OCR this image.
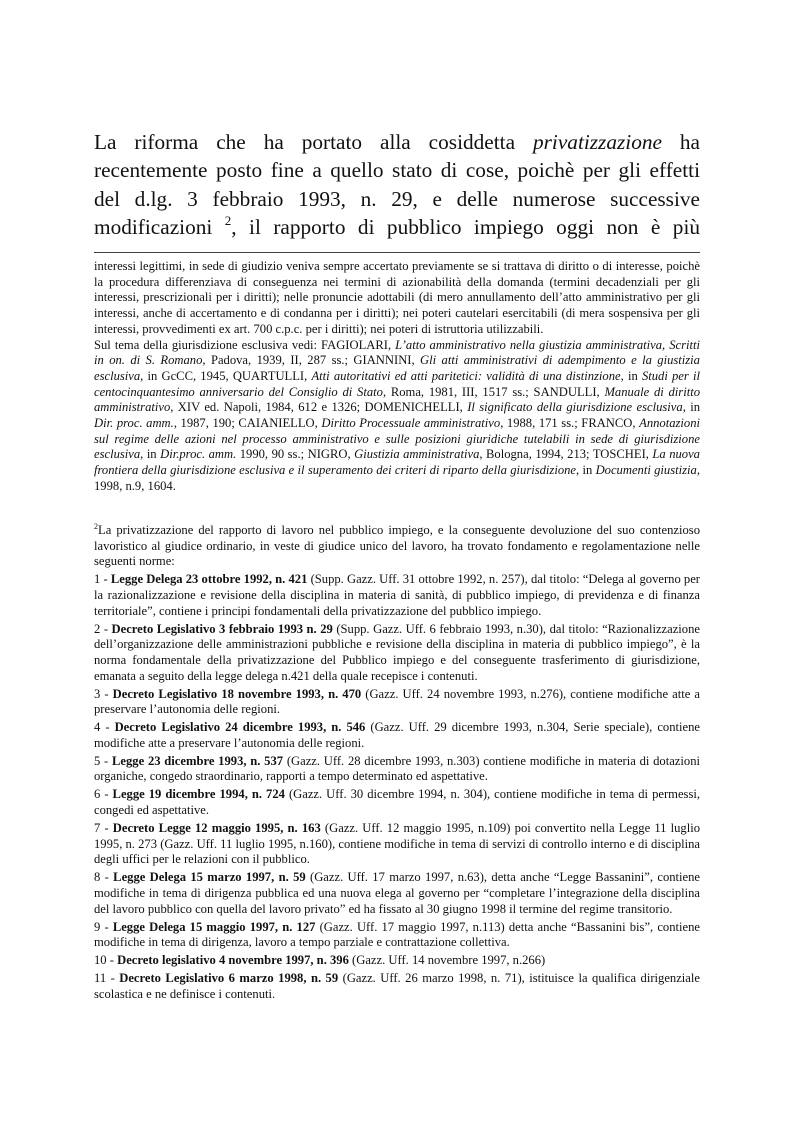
La riforma che ha portato alla cosiddetta privatizzazione ha
recentemente posto fine a quello stato di cose, poichè per gli effetti
del d.lg. 3 febbraio 1993, n. 29, e delle numerose successive
modificazioni $^2$, il rapporto di pubblico impiego oggi non è più

interessi legittimi, in sede di giudizio veniva sempre accertato previamente se si trattava di diritto o di interesse, poichè la procedura differenziava di conseguenza nei termini di azionabilità della domanda (termini decadenziali per gli interessi, prescrizionali per i diritti); nelle pronuncie adottabili (di mero annullamento dell’atto amministrativo per gli interessi, anche di accertamento e di condanna per i diritti); nei poteri cautelari esercitabili (di mera sospensiva per gli interessi, provvedimenti ex art. 700 c.p.c. per i diritti); nei poteri di istruttoria utilizzabili.

Sul tema della giurisdizione esclusiva vedi: FAGIOLARI, L’atto amministrativo nella giustizia amministrativa, Scritti in on. di S. Romano, Padova, 1939, II, 287 ss.; GIANNINI, Gli atti amministrativi di adempimento e la giustizia esclusiva, in GcCC, 1945, QUARTULLI, Atti autoritativi ed atti paritetici: validità di una distinzione, in Studi per il centocinquantesimo anniversario del Consiglio di Stato, Roma, 1981, III, 1517 ss.; SANDULLI, Manuale di diritto amministrativo, XIV ed. Napoli, 1984, 612 e 1326; DOMENICHELLI, Il significato della giurisdizione esclusiva, in Dir. proc. amm., 1987, 190; CAIANIELLO, Diritto Processuale amministrativo, 1988, 171 ss.; FRANCO, Annotazioni sul regime delle azioni nel processo amministrativo e sulle posizioni giuridiche tutelabili in sede di giurisdizione esclusiva, in Dir.proc. amm. 1990, 90 ss.; NIGRO, Giustizia amministrativa, Bologna, 1994, 213; TOSCHEI, La nuova frontiera della giurisdizione esclusiva e il superamento dei criteri di riparto della giurisdizione, in Documenti giustizia, 1998, n.9, 1604.

$^2$La privatizzazione del rapporto di lavoro nel pubblico impiego, e la conseguente devoluzione del suo contenzioso lavoristico al giudice ordinario, in veste di giudice unico del lavoro, ha trovato fondamento e regolamentazione nelle seguenti norme:

1 - Legge Delega 23 ottobre 1992, n. 421 (Supp. Gazz. Uff. 31 ottobre 1992, n. 257), dal titolo: “Delega al governo per la razionalizzazione e revisione della disciplina in materia di sanità, di pubblico impiego, di previdenza e di finanza territoriale”, contiene i principi fondamentali della privatizzazione del pubblico impiego.

2 - Decreto Legislativo 3 febbraio 1993 n. 29 (Supp. Gazz. Uff. 6 febbraio 1993, n.30), dal titolo: “Razionalizzazione dell’organizzazione delle amministrazioni pubbliche e revisione della disciplina in materia di pubblico impiego”, è la norma fondamentale della privatizzazione del Pubblico impiego e del conseguente trasferimento di giurisdizione, emanata a seguito della legge delega n.421 della quale recepisce i contenuti.

3 - Decreto Legislativo 18 novembre 1993, n. 470 (Gazz. Uff. 24 novembre 1993, n.276), contiene modifiche atte a preservare l’autonomia delle regioni.

4 - Decreto Legislativo 24 dicembre 1993, n. 546 (Gazz. Uff. 29 dicembre 1993, n.304, Serie speciale), contiene modifiche atte a preservare l’autonomia delle regioni.

5 - Legge 23 dicembre 1993, n. 537 (Gazz. Uff. 28 dicembre 1993, n.303) contiene modifiche in materia di dotazioni organiche, congedo straordinario, rapporti a tempo determinato ed aspettative.

6 - Legge 19 dicembre 1994, n. 724 (Gazz. Uff. 30 dicembre 1994, n. 304), contiene modifiche in tema di permessi, congedi ed aspettative.

7 - Decreto Legge 12 maggio 1995, n. 163 (Gazz. Uff. 12 maggio 1995, n.109) poi convertito nella Legge 11 luglio 1995, n. 273 (Gazz. Uff. 11 luglio 1995, n.160), contiene modifiche in tema di servizi di controllo interno e di disciplina degli uffici per le relazioni con il pubblico.

8 - Legge Delega 15 marzo 1997, n. 59 (Gazz. Uff. 17 marzo 1997, n.63), detta anche “Legge Bassanini”, contiene modifiche in tema di dirigenza pubblica ed una nuova elega al governo per “completare l’integrazione della disciplina del lavoro pubblico con quella del lavoro privato” ed ha fissato al 30 giugno 1998 il termine del regime transitorio.

9 - Legge Delega 15 maggio 1997, n. 127 (Gazz. Uff. 17 maggio 1997, n.113) detta anche “Bassanini bis”, contiene modifiche in tema di dirigenza, lavoro a tempo parziale e contrattazione collettiva.

10 - Decreto legislativo 4 novembre 1997, n. 396 (Gazz. Uff. 14 novembre 1997, n.266)

11 - Decreto Legislativo 6 marzo 1998, n. 59 (Gazz. Uff. 26 marzo 1998, n. 71), istituisce la qualifica dirigenziale scolastica e ne definisce i contenuti.
